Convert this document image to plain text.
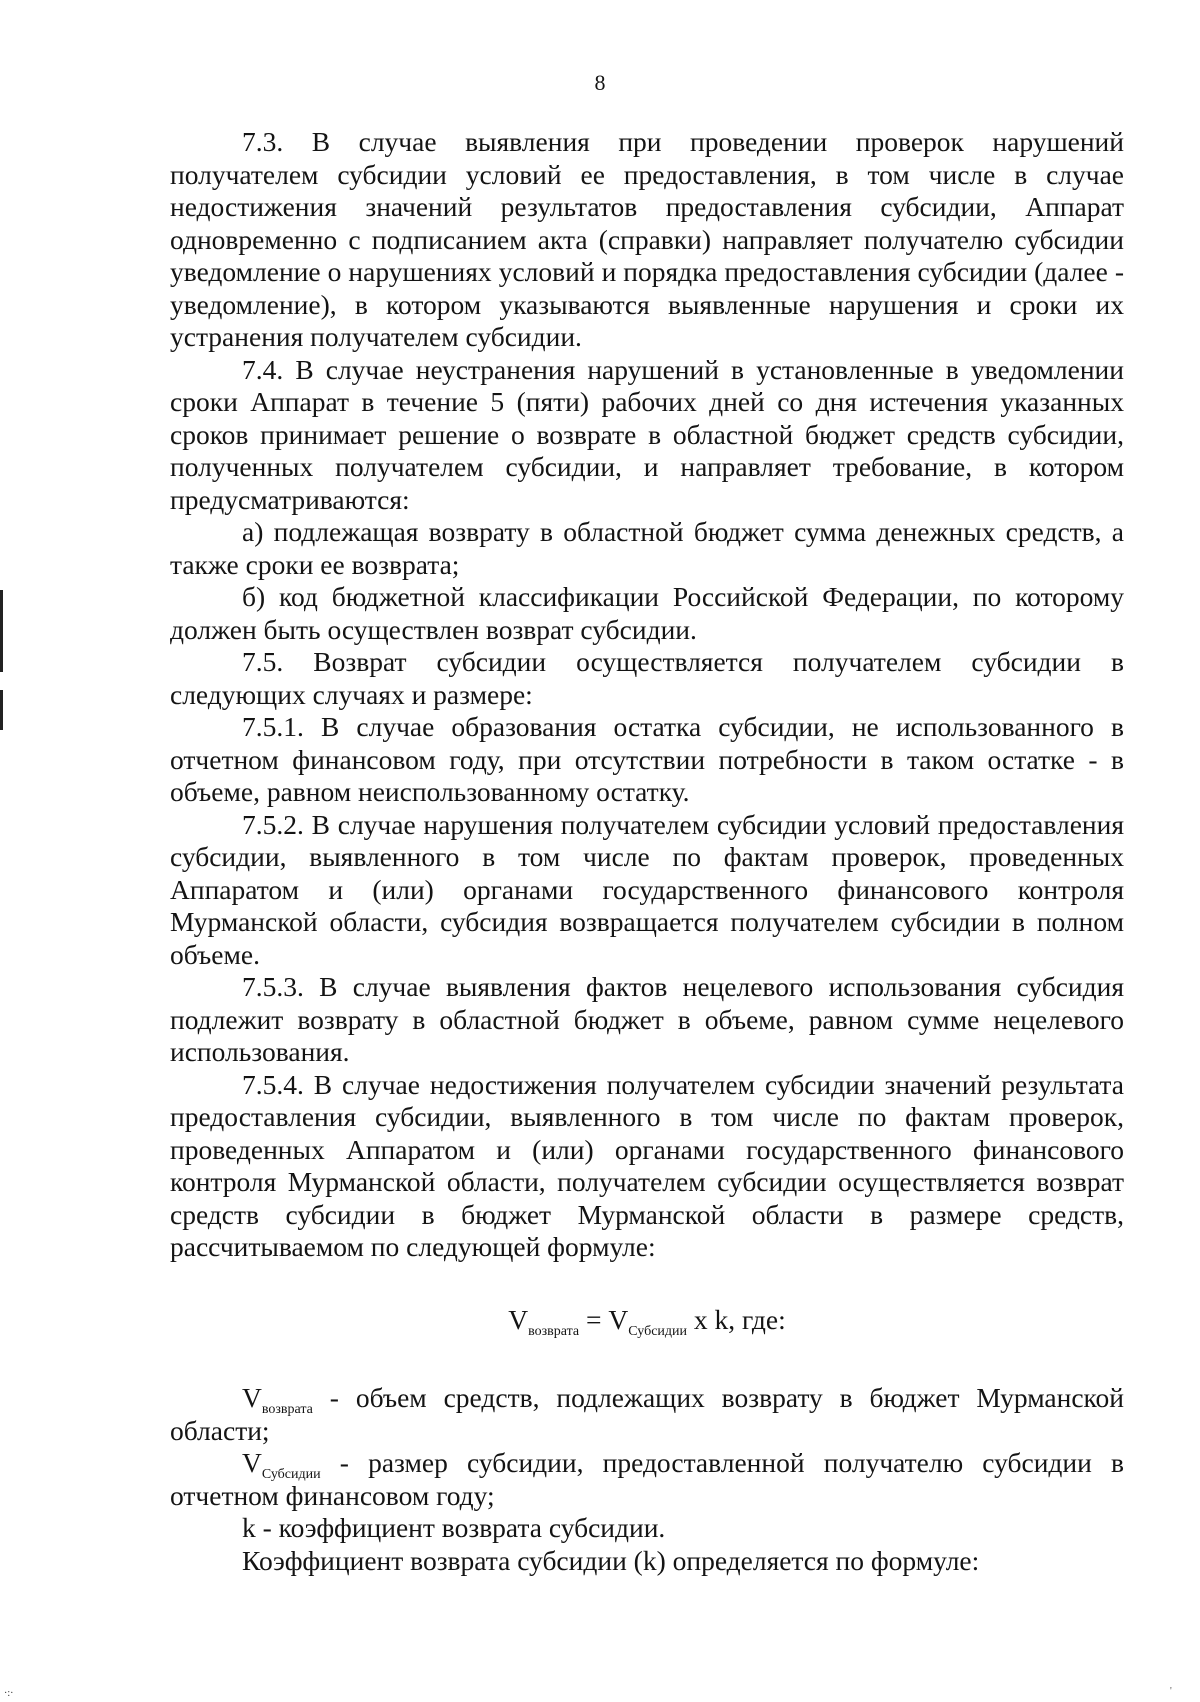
·:·	'
8

7.3. В случае выявления при проведении проверок нарушений получателем субсидии условий ее предоставления, в том числе в случае недостижения значений результатов предоставления субсидии, Аппарат одновременно с подписанием акта (справки) направляет получателю субсидии уведомление о нарушениях условий и порядка предоставления субсидии (далее - уведомление), в котором указываются выявленные нарушения и сроки их устранения получателем субсидии.

7.4. В случае неустранения нарушений в установленные в уведомлении сроки Аппарат в течение 5 (пяти) рабочих дней со дня истечения указанных сроков принимает решение о возврате в областной бюджет средств субсидии, полученных получателем субсидии, и направляет требование, в котором предусматриваются:

а) подлежащая возврату в областной бюджет сумма денежных средств, а также сроки ее возврата;

б) код бюджетной классификации Российской Федерации, по которому должен быть осуществлен возврат субсидии.

7.5. Возврат субсидии осуществляется получателем субсидии в следующих случаях и размере:

7.5.1. В случае образования остатка субсидии, не использованного в отчетном финансовом году, при отсутствии потребности в таком остатке - в объеме, равном неиспользованному остатку.

7.5.2. В случае нарушения получателем субсидии условий предоставления субсидии, выявленного в том числе по фактам проверок, проведенных Аппаратом и (или) органами государственного финансового контроля Мурманской области, субсидия возвращается получателем субсидии в полном объеме.

7.5.3. В случае выявления фактов нецелевого использования субсидия подлежит возврату в областной бюджет в объеме, равном сумме нецелевого использования.

7.5.4. В случае недостижения получателем субсидии значений результата предоставления субсидии, выявленного в том числе по фактам проверок, проведенных Аппаратом и (или) органами государственного финансового контроля Мурманской области, получателем субсидии осуществляется возврат средств субсидии в бюджет Мурманской области в размере средств, рассчитываемом по следующей формуле:

$V_{возврата} = V_{Субсидии}$ x k, где:

$V_{возврата}$ - объем средств, подлежащих возврату в бюджет Мурманской области;

$V_{Субсидии}$ - размер субсидии, предоставленной получателю субсидии в отчетном финансовом году;

k - коэффициент возврата субсидии.

Коэффициент возврата субсидии (k) определяется по формуле:
